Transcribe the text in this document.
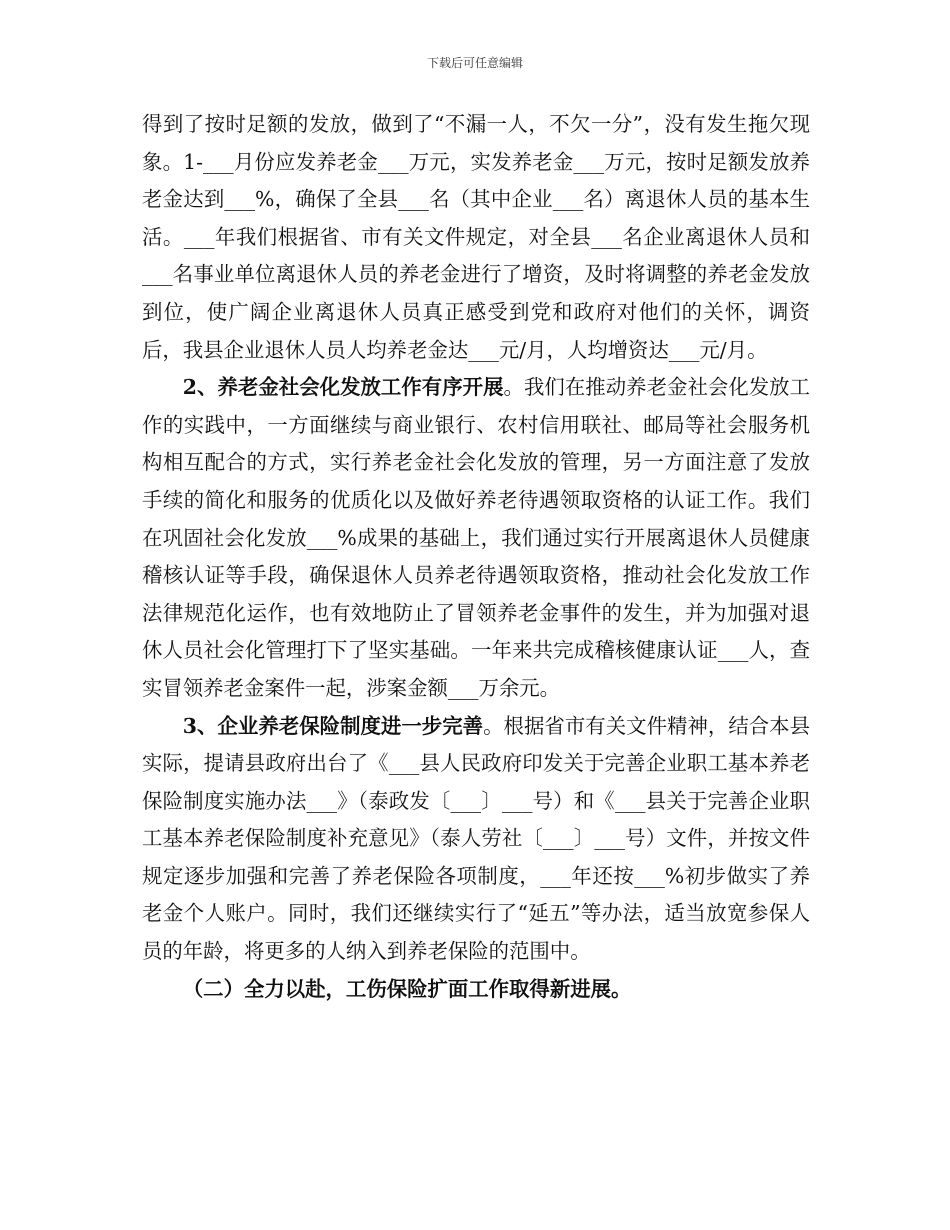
下载后可任意编辑

得到了按时足额的发放，做到了“不漏一人，不欠一分”，没有发生拖欠现象。1-___月份应发养老金___万元，实发养老金___万元，按时足额发放养老金达到___%，确保了全县___名（其中企业___名）离退休人员的基本生活。___年我们根据省、市有关文件规定，对全县___名企业离退休人员和___名事业单位离退休人员的养老金进行了增资，及时将调整的养老金发放到位，使广阔企业离退休人员真正感受到党和政府对他们的关怀，调资后，我县企业退休人员人均养老金达___元/月，人均增资达___元/月。

2、养老金社会化发放工作有序开展。我们在推动养老金社会化发放工作的实践中，一方面继续与商业银行、农村信用联社、邮局等社会服务机构相互配合的方式，实行养老金社会化发放的管理，另一方面注意了发放手续的简化和服务的优质化以及做好养老待遇领取资格的认证工作。我们在巩固社会化发放___%成果的基础上，我们通过实行开展离退休人员健康稽核认证等手段，确保退休人员养老待遇领取资格，推动社会化发放工作法律规范化运作，也有效地防止了冒领养老金事件的发生，并为加强对退休人员社会化管理打下了坚实基础。一年来共完成稽核健康认证___人，查实冒领养老金案件一起，涉案金额___万余元。

3、企业养老保险制度进一步完善。根据省市有关文件精神，结合本县实际，提请县政府出台了《___县人民政府印发关于完善企业职工基本养老保险制度实施办法___》（泰政发〔___〕___号）和《___县关于完善企业职工基本养老保险制度补充意见》（泰人劳社〔___〕___号）文件，并按文件规定逐步加强和完善了养老保险各项制度，___年还按___%初步做实了养老金个人账户。同时，我们还继续实行了“延五”等办法，适当放宽参保人员的年龄，将更多的人纳入到养老保险的范围中。

（二）全力以赴，工伤保险扩面工作取得新进展。
